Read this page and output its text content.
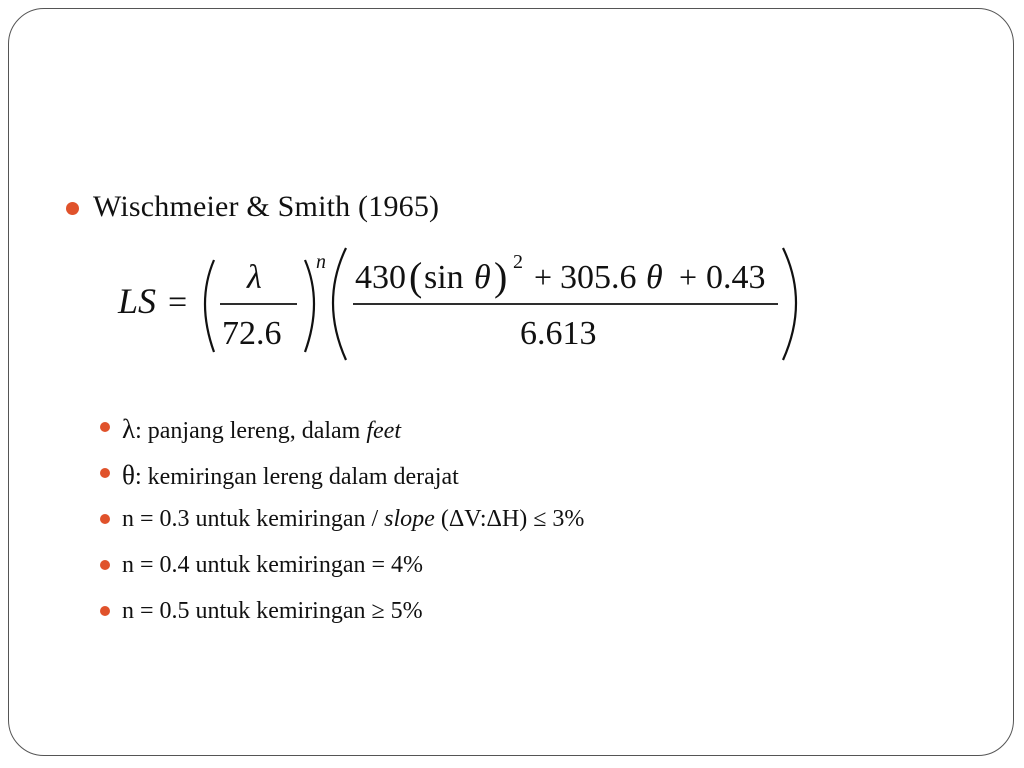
Wischmeier & Smith (1965)
LS =
λ
72.6
n 430 ( sin θ ) 2 + 305.6 θ + 0.43
6.613
λ: panjang lereng, dalam feet
θ: kemiringan lereng dalam derajat
n = 0.3 untuk kemiringan / slope (ΔV:ΔH) ≤ 3%
n = 0.4 untuk kemiringan = 4%
n = 0.5 untuk kemiringan ≥ 5%
